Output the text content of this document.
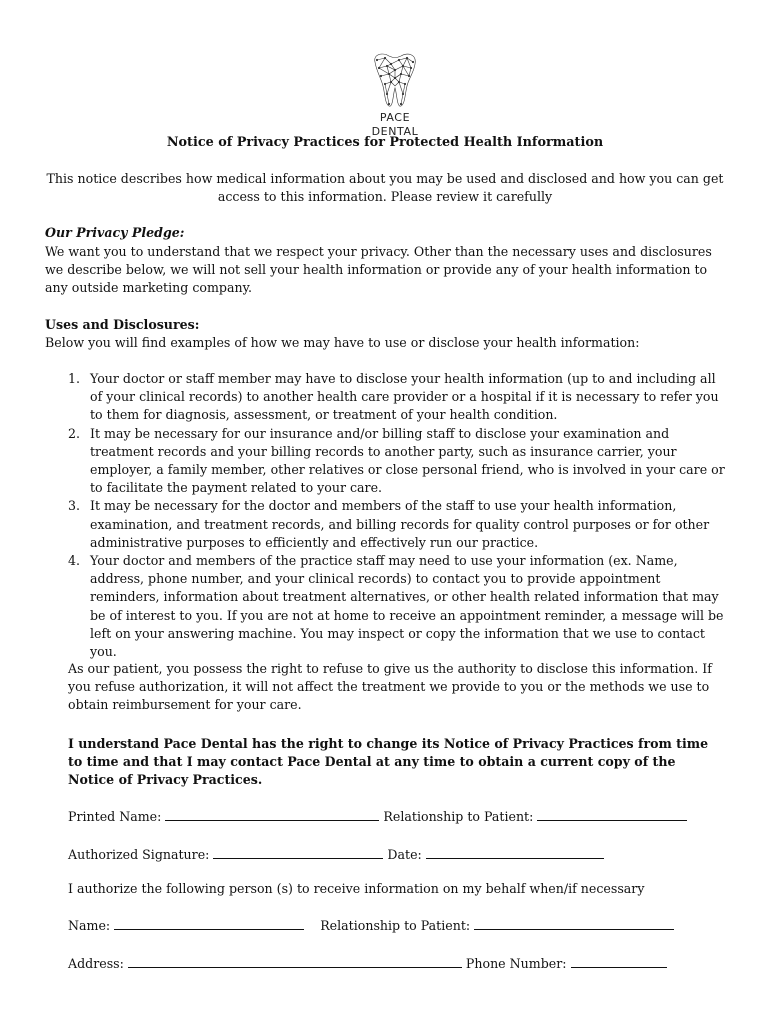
PACE DENTAL
Notice of Privacy Practices for Protected Health Information
This notice describes how medical information about you may be used and disclosed and how you can get access to this information. Please review it carefully
Our Privacy Pledge:
We want you to understand that we respect your privacy. Other than the necessary uses and disclosures we describe below, we will not sell your health information or provide any of your health information to any outside marketing company.
Uses and Disclosures:
Below you will find examples of how we may have to use or disclose your health information:
1. Your doctor or staff member may have to disclose your health information (up to and including all of your clinical records) to another health care provider or a hospital if it is necessary to refer you to them for diagnosis, assessment, or treatment of your health condition.
2. It may be necessary for our insurance and/or billing staff to disclose your examination and treatment records and your billing records to another party, such as insurance carrier, your employer, a family member, other relatives or close personal friend, who is involved in your care or to facilitate the payment related to your care.
3. It may be necessary for the doctor and members of the staff to use your health information, examination, and treatment records, and billing records for quality control purposes or for other administrative purposes to efficiently and effectively run our practice.
4. Your doctor and members of the practice staff may need to use your information (ex. Name, address, phone number, and your clinical records) to contact you to provide appointment reminders, information about treatment alternatives, or other health related information that may be of interest to you. If you are not at home to receive an appointment reminder, a message will be left on your answering machine. You may inspect or copy the information that we use to contact you.
As our patient, you possess the right to refuse to give us the authority to disclose this information. If you refuse authorization, it will not affect the treatment we provide to you or the methods we use to obtain reimbursement for your care.
I understand Pace Dental has the right to change its Notice of Privacy Practices from time to time and that I may contact Pace Dental at any time to obtain a current copy of the Notice of Privacy Practices.
Printed Name:	Relationship to Patient:
Authorized Signature:	Date:
I authorize the following person (s) to receive information on my behalf when/if necessary
Name:	Relationship to Patient:
Address:	Phone Number:
